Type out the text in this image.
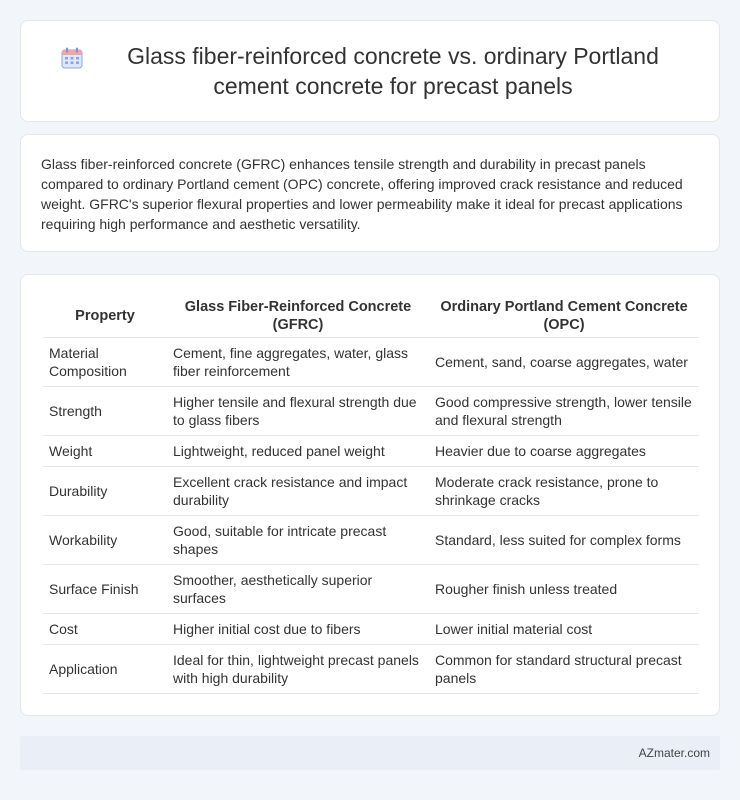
Glass fiber-reinforced concrete vs. ordinary Portland cement concrete for precast panels

Glass fiber-reinforced concrete (GFRC) enhances tensile strength and durability in precast panels compared to ordinary Portland cement (OPC) concrete, offering improved crack resistance and reduced weight. GFRC's superior flexural properties and lower permeability make it ideal for precast applications requiring high performance and aesthetic versatility.

Property	Glass Fiber-Reinforced Concrete (GFRC)	Ordinary Portland Cement Concrete (OPC)
Material Composition	Cement, fine aggregates, water, glass fiber reinforcement	Cement, sand, coarse aggregates, water
Strength	Higher tensile and flexural strength due to glass fibers	Good compressive strength, lower tensile and flexural strength
Weight	Lightweight, reduced panel weight	Heavier due to coarse aggregates
Durability	Excellent crack resistance and impact durability	Moderate crack resistance, prone to shrinkage cracks
Workability	Good, suitable for intricate precast shapes	Standard, less suited for complex forms
Surface Finish	Smoother, aesthetically superior surfaces	Rougher finish unless treated
Cost	Higher initial cost due to fibers	Lower initial material cost
Application	Ideal for thin, lightweight precast panels with high durability	Common for standard structural precast panels
AZmater.com
